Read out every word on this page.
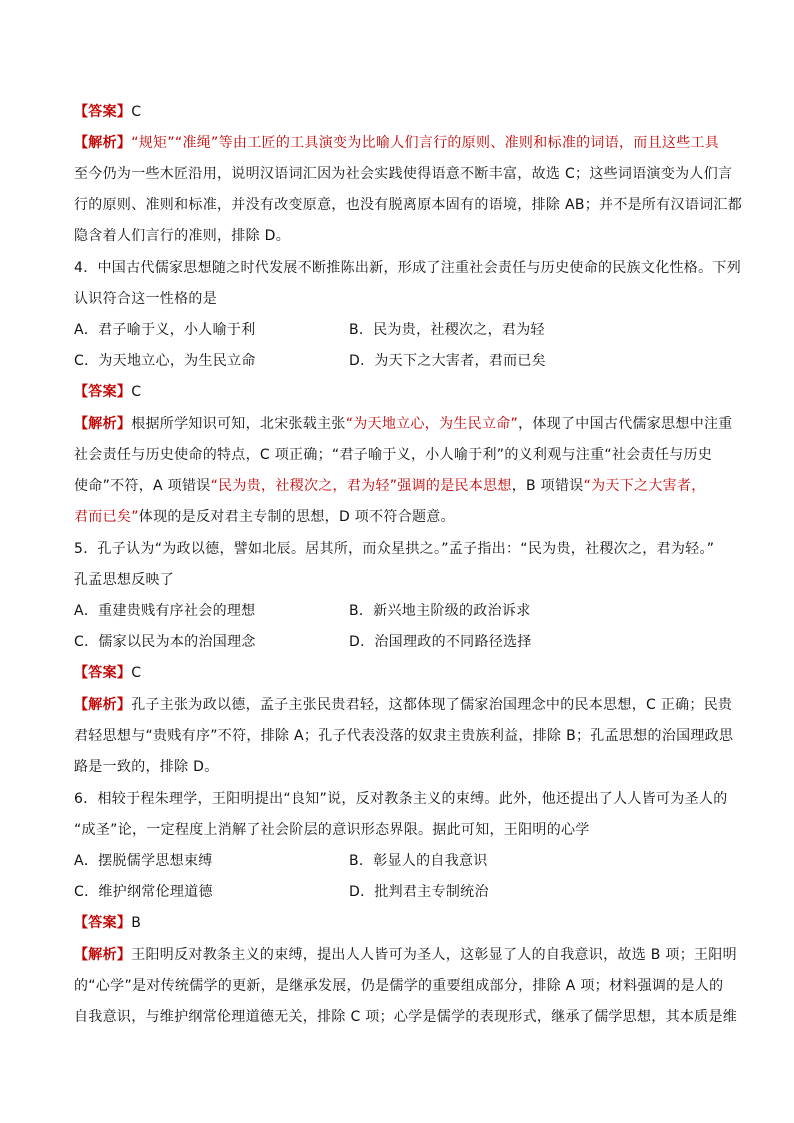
【答案】C
【解析】“规矩”“准绳”等由工匠的工具演变为比喻人们言行的原则、准则和标准的词语，而且这些工具
至今仍为一些木匠沿用，说明汉语词汇因为社会实践使得语意不断丰富，故选 C；这些词语演变为人们言
行的原则、准则和标准，并没有改变原意，也没有脱离原本固有的语境，排除 AB；并不是所有汉语词汇都
隐含着人们言行的准则，排除 D。
4．中国古代儒家思想随之时代发展不断推陈出新，形成了注重社会责任与历史使命的民族文化性格。下列
认识符合这一性格的是
A．君子喻于义，小人喻于利	B．民为贵，社稷次之，君为轻
C．为天地立心，为生民立命	D．为天下之大害者，君而已矣
【答案】C
【解析】根据所学知识可知，北宋张载主张“为天地立心，为生民立命”，体现了中国古代儒家思想中注重
社会责任与历史使命的特点，C 项正确；“君子喻于义，小人喻于利”的义利观与注重“社会责任与历史
使命”不符，A 项错误“民为贵，社稷次之，君为轻”强调的是民本思想，B 项错误“为天下之大害者，
君而已矣”体现的是反对君主专制的思想，D 项不符合题意。
5．孔子认为“为政以德，譬如北辰。居其所，而众星拱之。”孟子指出：“民为贵，社稷次之，君为轻。”
孔孟思想反映了
A．重建贵贱有序社会的理想	B．新兴地主阶级的政治诉求
C．儒家以民为本的治国理念	D．治国理政的不同路径选择
【答案】C
【解析】孔子主张为政以德，孟子主张民贵君轻，这都体现了儒家治国理念中的民本思想，C 正确；民贵
君轻思想与“贵贱有序”不符，排除 A；孔子代表没落的奴隶主贵族利益，排除 B；孔孟思想的治国理政思
路是一致的，排除 D。
6．相较于程朱理学，王阳明提出“良知”说，反对教条主义的束缚。此外，他还提出了人人皆可为圣人的
“成圣”论，一定程度上消解了社会阶层的意识形态界限。据此可知，王阳明的心学
A．摆脱儒学思想束缚	B．彰显人的自我意识
C．维护纲常伦理道德	D．批判君主专制统治
【答案】B
【解析】王阳明反对教条主义的束缚，提出人人皆可为圣人，这彰显了人的自我意识，故选 B 项；王阳明
的“心学”是对传统儒学的更新，是继承发展，仍是儒学的重要组成部分，排除 A 项；材料强调的是人的
自我意识，与维护纲常伦理道德无关，排除 C 项；心学是儒学的表现形式，继承了儒学思想，其本质是维
